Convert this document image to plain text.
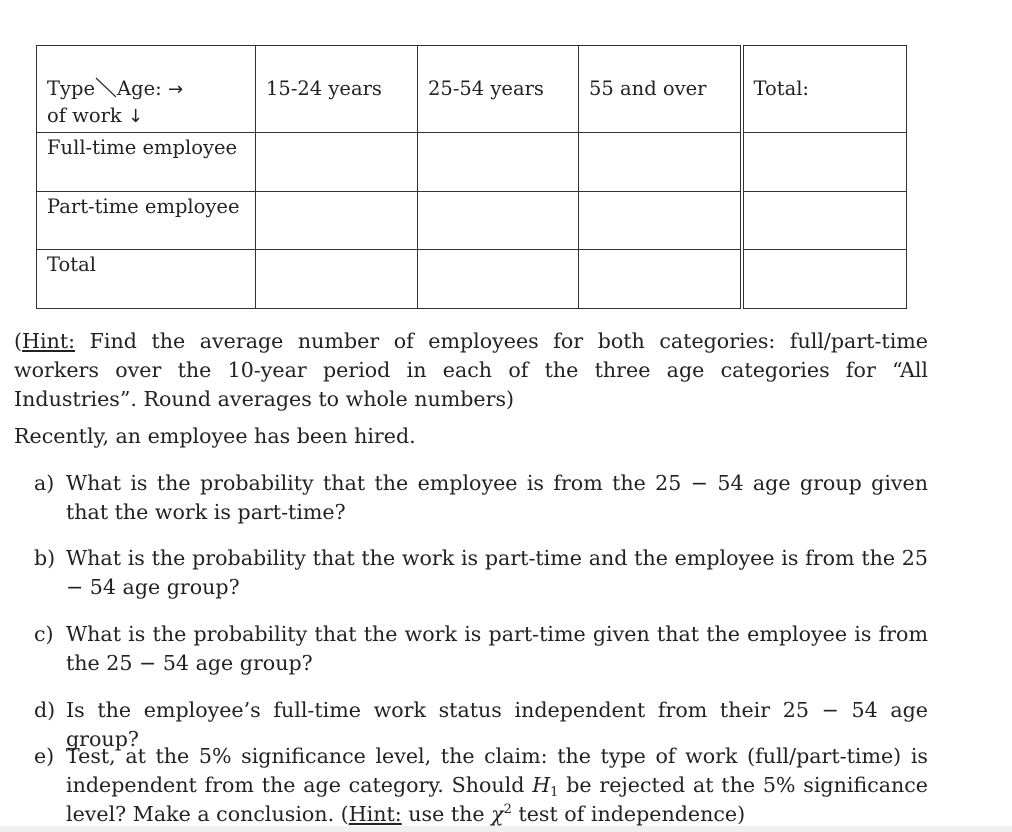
Type Age: →
of work ↓	15-24 years	25-54 years	55 and over	Total:
Full-time employee				
Part-time employee				
Total				
(Hint: Find the average number of employees for both categories: full/part-time workers over the 10-year period in each of the three age categories for “All Industries”. Round averages to whole numbers)
Recently, an employee has been hired.
a) What is the probability that the employee is from the 25 − 54 age group given that the work is part-time?
b) What is the probability that the work is part-time and the employee is from the 25 − 54 age group?
c) What is the probability that the work is part-time given that the employee is from the 25 − 54 age group?
d) Is the employee’s full-time work status independent from their 25 − 54 age group?
e) Test, at the 5% significance level, the claim: the type of work (full/part-time) is independent from the age category. Should $H_1$ be rejected at the 5% significance level? Make a conclusion. (Hint: use the $\chi^2$ test of independence)
